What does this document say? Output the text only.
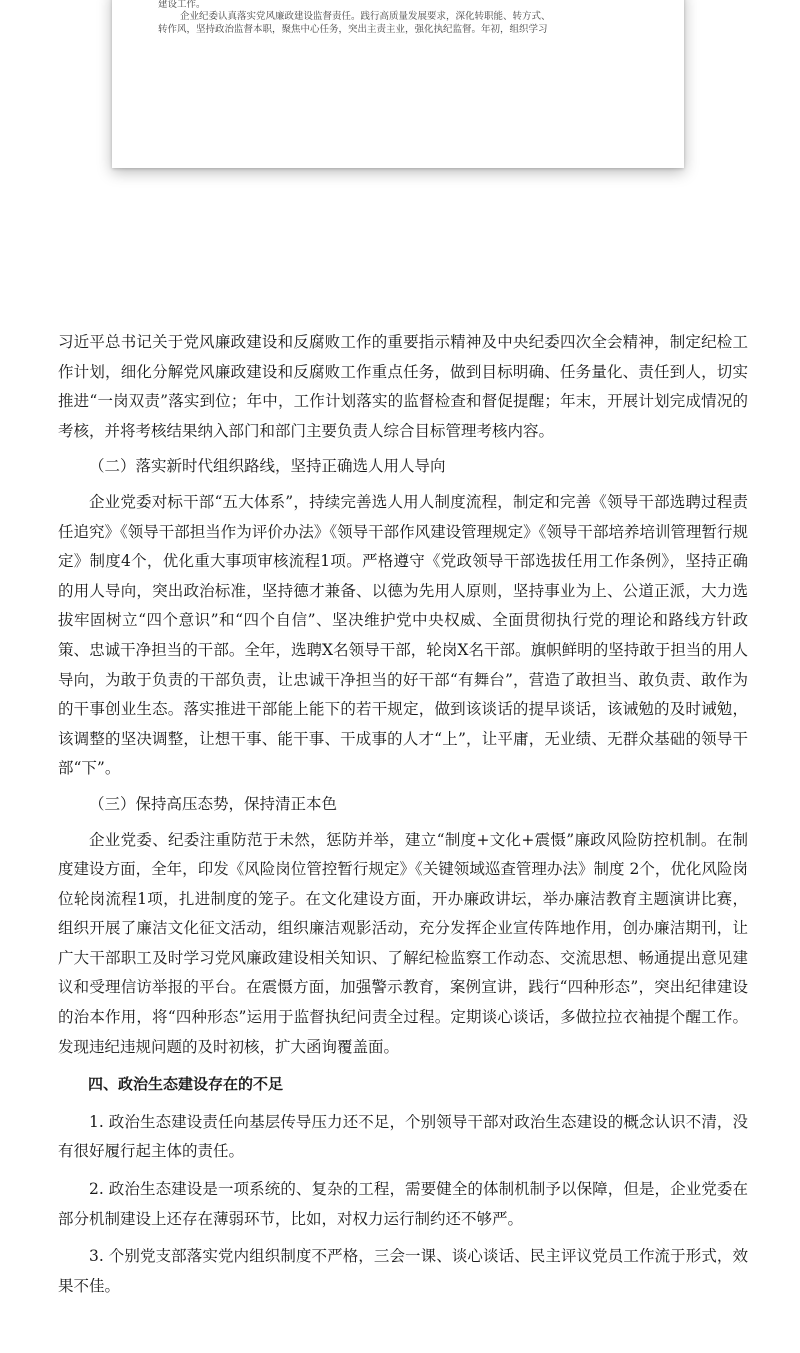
建设工作。
企业纪委认真落实党风廉政建设监督责任。践行高质量发展要求，深化转职能、转方式、
转作风，坚持政治监督本职，聚焦中心任务，突出主责主业，强化执纪监督。年初，组织学习

习近平总书记关于党风廉政建设和反腐败工作的重要指示精神及中央纪委四次全会精神，制定纪检工作计划，细化分解党风廉政建设和反腐败工作重点任务，做到目标明确、任务量化、责任到人，切实推进“一岗双责”落实到位；年中，工作计划落实的监督检查和督促提醒；年末，开展计划完成情况的考核，并将考核结果纳入部门和部门主要负责人综合目标管理考核内容。

（二）落实新时代组织路线，坚持正确选人用人导向

企业党委对标干部“五大体系”，持续完善选人用人制度流程，制定和完善《领导干部选聘过程责任追究》《领导干部担当作为评价办法》《领导干部作风建设管理规定》《领导干部培养培训管理暂行规定》制度4个，优化重大事项审核流程1项。严格遵守《党政领导干部选拔任用工作条例》，坚持正确的用人导向，突出政治标准，坚持德才兼备、以德为先用人原则，坚持事业为上、公道正派，大力选拔牢固树立“四个意识”和“四个自信”、坚决维护党中央权威、全面贯彻执行党的理论和路线方针政策、忠诚干净担当的干部。全年，选聘X名领导干部，轮岗X名干部。旗帜鲜明的坚持敢于担当的用人导向，为敢于负责的干部负责，让忠诚干净担当的好干部“有舞台”，营造了敢担当、敢负责、敢作为的干事创业生态。落实推进干部能上能下的若干规定，做到该谈话的提早谈话，该诫勉的及时诫勉，该调整的坚决调整，让想干事、能干事、干成事的人才“上”，让平庸，无业绩、无群众基础的领导干部“下”。

（三）保持高压态势，保持清正本色

企业党委、纪委注重防范于未然，惩防并举，建立“制度+文化+震慑”廉政风险防控机制。在制度建设方面，全年，印发《风险岗位管控暂行规定》《关键领域巡查管理办法》制度 2个，优化风险岗位轮岗流程1项，扎进制度的笼子。在文化建设方面，开办廉政讲坛，举办廉洁教育主题演讲比赛，组织开展了廉洁文化征文活动，组织廉洁观影活动，充分发挥企业宣传阵地作用，创办廉洁期刊，让广大干部职工及时学习党风廉政建设相关知识、了解纪检监察工作动态、交流思想、畅通提出意见建议和受理信访举报的平台。在震慑方面，加强警示教育，案例宣讲，践行“四种形态”，突出纪律建设的治本作用，将“四种形态”运用于监督执纪问责全过程。定期谈心谈话，多做拉拉衣袖提个醒工作。发现违纪违规问题的及时初核，扩大函询覆盖面。

四、政治生态建设存在的不足

1. 政治生态建设责任向基层传导压力还不足，个别领导干部对政治生态建设的概念认识不清，没有很好履行起主体的责任。

2. 政治生态建设是一项系统的、复杂的工程，需要健全的体制机制予以保障，但是，企业党委在部分机制建设上还存在薄弱环节，比如，对权力运行制约还不够严。

3. 个别党支部落实党内组织制度不严格，三会一课、谈心谈话、民主评议党员工作流于形式，效果不佳。
